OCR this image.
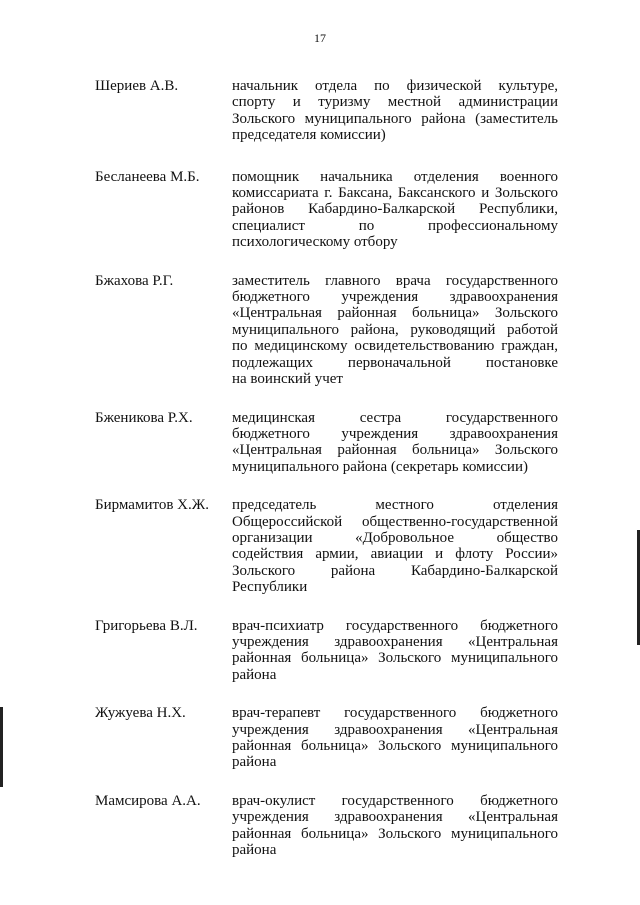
17
Шериев А.В.	начальник отдела по физической культуре,
спорту и туризму местной администрации
Зольского муниципального района (заместитель
председателя комиссии)
Бесланеева М.Б.	помощник начальника отделения военного
комиссариата г. Баксана, Баксанского и Зольского
районов Кабардино-Балкарской Республики,
специалист по профессиональному
психологическому отбору
Бжахова Р.Г.	заместитель главного врача государственного
бюджетного учреждения здравоохранения
«Центральная районная больница» Зольского
муниципального района, руководящий работой
по медицинскому освидетельствованию граждан,
подлежащих первоначальной постановке
на воинский учет
Бженикова Р.Х.	медицинская сестра государственного
бюджетного учреждения здравоохранения
«Центральная районная больница» Зольского
муниципального района (секретарь комиссии)
Бирмамитов Х.Ж.	председатель местного отделения
Общероссийской общественно-государственной
организации «Добровольное общество
содействия армии, авиации и флоту России»
Зольского района Кабардино-Балкарской
Республики
Григорьева В.Л.	врач-психиатр государственного бюджетного
учреждения здравоохранения «Центральная
районная больница» Зольского муниципального
района
Жужуева Н.Х.	врач-терапевт государственного бюджетного
учреждения здравоохранения «Центральная
районная больница» Зольского муниципального
района
Мамсирова А.А.	врач-окулист государственного бюджетного
учреждения здравоохранения «Центральная
районная больница» Зольского муниципального
района
